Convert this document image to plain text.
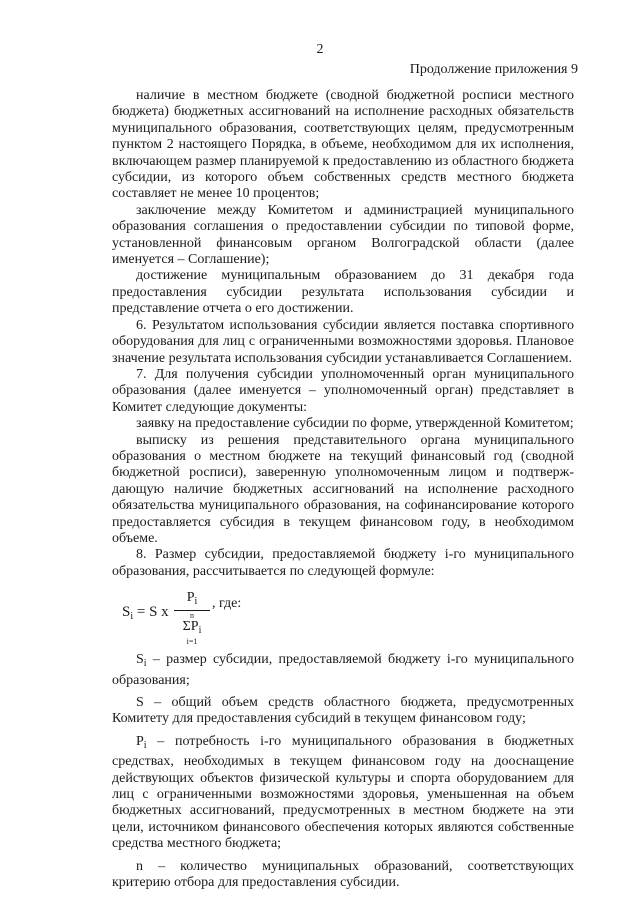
2
Продолжение приложения 9

наличие в местном бюджете (сводной бюджетной росписи местного бюджета) бюджетных ассигнований на исполнение расходных обязательств муниципального образования, соответствующих целям, предусмотренным пунктом 2 настоящего Порядка, в объеме, необходимом для их исполнения, включающем размер планируемой к предоставлению из областного бюджета субсидии, из которого объем собственных средств местного бюджета составляет не менее 10 процентов;

заключение между Комитетом и администрацией муниципального образования соглашения о предоставлении субсидии по типовой форме, установленной финансовым органом Волгоградской области (далее именуется – Соглашение);

достижение муниципальным образованием до 31 декабря года предоставления субсидии результата использования субсидии и представление отчета о его достижении.

6. Результатом использования субсидии является поставка спортивного оборудования для лиц с ограниченными возможностями здоровья. Плановое значение результата использования субсидии устанавливается Соглашением.

7. Для получения субсидии уполномоченный орган муниципального образования (далее именуется – уполномоченный орган) представляет в Комитет следующие документы:

заявку на предоставление субсидии по форме, утвержденной Комитетом;

выписку из решения представительного органа муниципального образования о местном бюджете на текущий финансовый год (сводной бюджетной росписи), заверенную уполномоченным лицом и подтверж-дающую наличие бюджетных ассигнований на исполнение расходного обязательства муниципального образования, на софинансирование которого предоставляется субсидия в текущем финансовом году, в необходимом объеме.

8. Размер субсидии, предоставляемой бюджету i-го муниципального образования, рассчитывается по следующей формуле:

$S_i = S$ x
$P_i$
n
$\Sigma P_i$
i=1
, где:

$S_i$ – размер субсидии, предоставляемой бюджету i-го муниципального образования;

S – общий объем средств областного бюджета, предусмотренных Комитету для предоставления субсидий в текущем финансовом году;

$P_i$ – потребность i-го муниципального образования в бюджетных средствах, необходимых в текущем финансовом году на дооснащение действующих объектов физической культуры и спорта оборудованием для лиц с ограниченными возможностями здоровья, уменьшенная на объем бюджетных ассигнований, предусмотренных в местном бюджете на эти цели, источником финансового обеспечения которых являются собственные средства местного бюджета;

n – количество муниципальных образований, соответствующих критерию отбора для предоставления субсидии.
